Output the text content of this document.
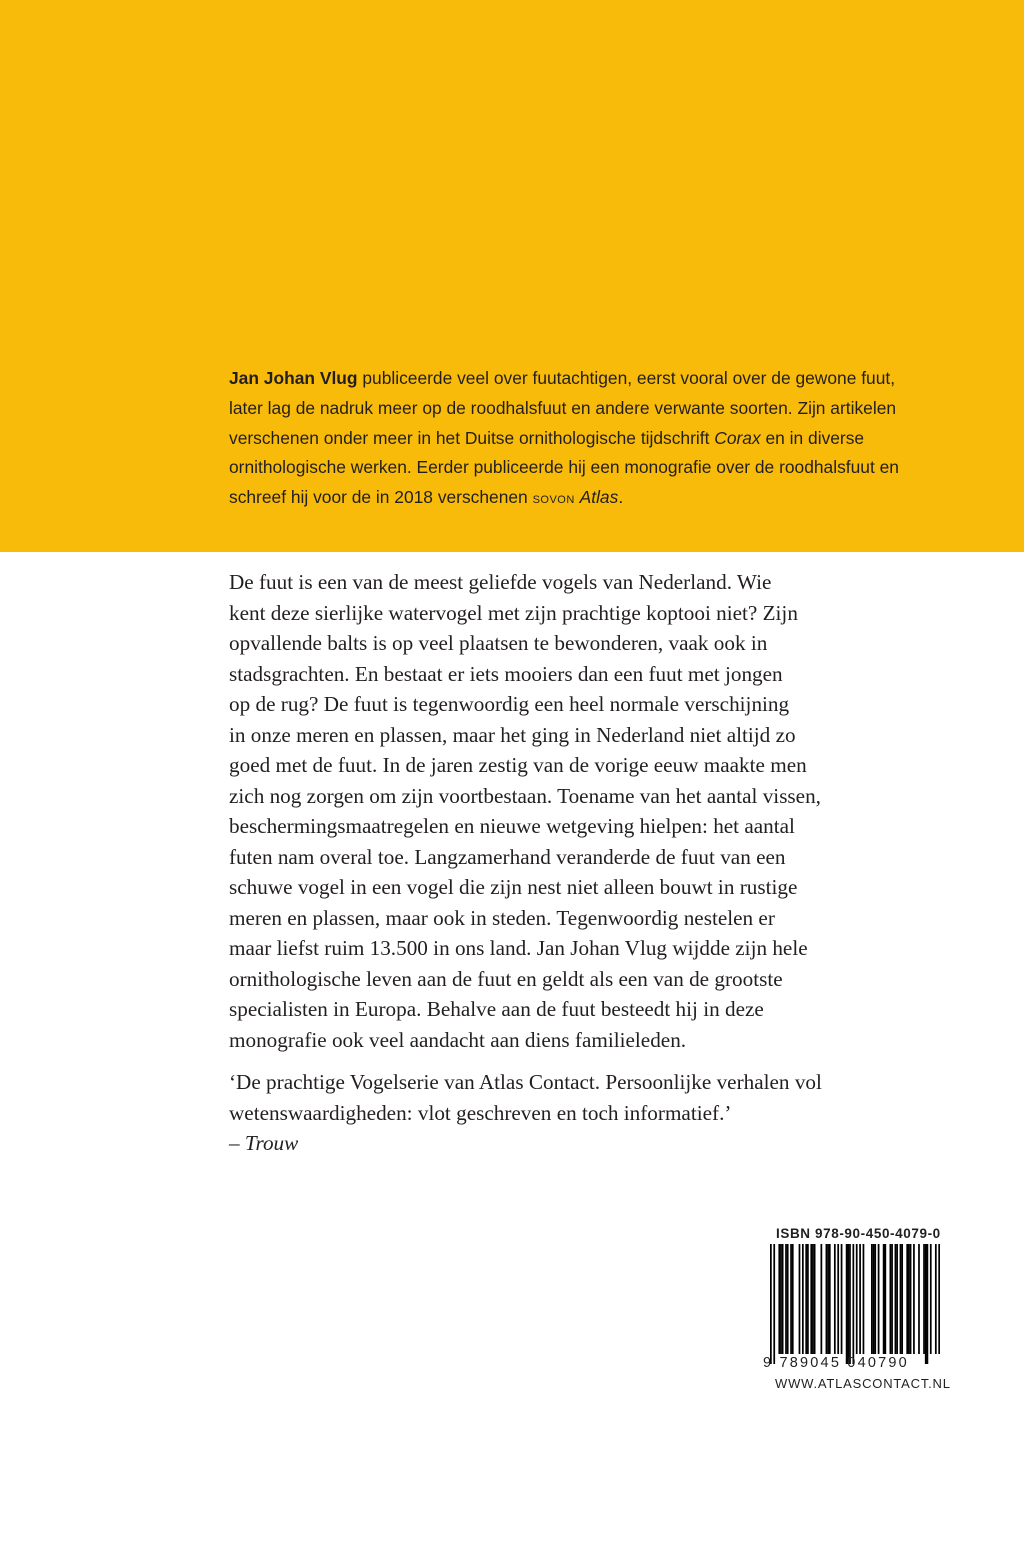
Jan Johan Vlug publiceerde veel over fuutachtigen, eerst vooral over de gewone fuut, later lag de nadruk meer op de roodhalsfuut en andere verwante soorten. Zijn artikelen verschenen onder meer in het Duitse ornithologische tijdschrift Corax en in diverse ornithologische werken. Eerder publiceerde hij een monografie over de roodhalsfuut en schreef hij voor de in 2018 verschenen sovon Atlas.

De fuut is een van de meest geliefde vogels van Nederland. Wie

kent deze sierlijke watervogel met zijn prachtige koptooi niet? Zijn

opvallende balts is op veel plaatsen te bewonderen, vaak ook in

stadsgrachten. En bestaat er iets mooiers dan een fuut met jongen

op de rug? De fuut is tegenwoordig een heel normale verschijning

in onze meren en plassen, maar het ging in Nederland niet altijd zo

goed met de fuut. In de jaren zestig van de vorige eeuw maakte men

zich nog zorgen om zijn voortbestaan. Toename van het aantal vissen,

beschermingsmaatregelen en nieuwe wetgeving hielpen: het aantal

futen nam overal toe. Langzamerhand veranderde de fuut van een

schuwe vogel in een vogel die zijn nest niet alleen bouwt in rustige

meren en plassen, maar ook in steden. Tegenwoordig nestelen er

maar liefst ruim 13.500 in ons land. Jan Johan Vlug wijdde zijn hele

ornithologische leven aan de fuut en geldt als een van de grootste

specialisten in Europa. Behalve aan de fuut besteedt hij in deze

monografie ook veel aandacht aan diens familieleden.

‘De prachtige Vogelserie van Atlas Contact. Persoonlijke verhalen vol

wetenswaardigheden: vlot geschreven en toch informatief.’

– Trouw

ISBN 978-90-450-4079-0
9 789045 040790
WWW.ATLASCONTACT.NL
